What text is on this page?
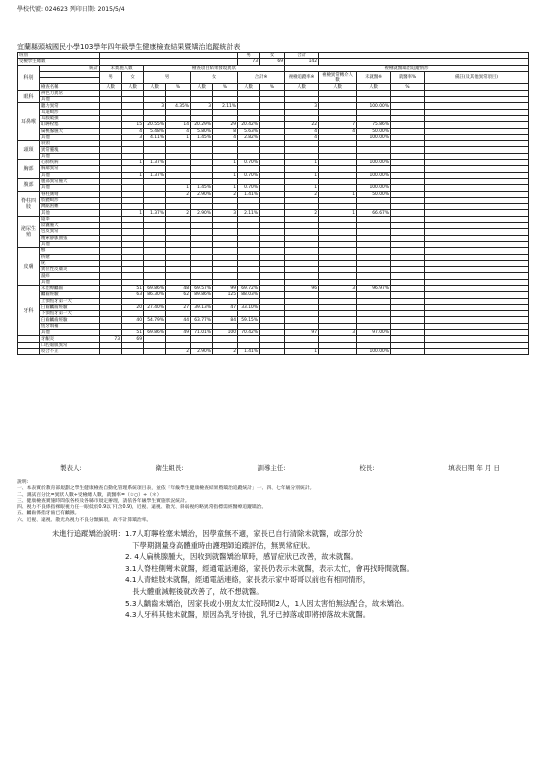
學校代號: 024623 列印日期: 2015/5/4
宜蘭縣頭城國民小學103學年四年級學生健康檢查結果暨矯治追蹤統計表
班別								男	女	合計				
受檢學生總數								73	69	142				
科別	統計	未實施人數		檢查項目結果發現異狀						複檢就醫矯治追蹤情形				
		男	女	男		女		合計※		複檢追蹤率※	複檢異常轉介人數	未就醫※	就醫率%	備註(及其他異常項目)

	檢查名稱	人數	人數	人數	%	人數	%	人數	%	人數	人數	人數	%	
眼科	辨色力異常													
	其他													
耳鼻喉	聽力異常			3	4.35%	3	2.11%			3		100.00%		
	耳道畸形													
	耳膜破損													
	耵聹栓塞		15	20.55%	14	20.29%	29	20.42%		22	7	75.86%		
	扁桃腺腫大		4	5.48%	4	5.80%	8	5.63%		4	4	50.00%		
	其他		3	4.11%	1	1.45%	4	2.82%		4		100.00%		
頭頸	斜頸													
	異常腫塊													
	其他													
胸部	心肺疾病		1	1.37%			1	0.70%		1		100.00%		
	胸廓異常													
	其他		1	1.37%			1	0.70%		1		100.00%		
腹部	腹部異常腫大													
	其他				1	1.45%	1	0.70%		1		100.00%		
脊柱四肢	脊柱側彎				2	2.90%	2	1.41%		2	1	50.00%		
	肢體畸形													
	蹲踞困難													
	其他		1	1.37%	2	2.90%	3	2.11%		2	1	66.67%		
泌尿生殖	隱睪													
	陰囊腫大													
	包皮異常													
	精索靜脈曲張													
	其他													
皮膚	癬													
	疥瘡													
	疣													
	異位性皮膚炎													
	濕疹													
	其他													
牙科	未治療齲齒		51	69.86%	48	69.57%	99	69.72%		96	3	96.97%		
	齲齒經驗		63	86.30%	62	89.86%	125	88.03%						
	上顎恆牙第一大													
	臼齒齲齒經驗		20	27.40%	27	39.13%	47	33.10%						
	下顎恆牙第一大													
	臼齒齲齒經驗		40	54.79%	44	63.77%	84	59.15%						
	恆牙填補													
	其他		51	69.86%	49	71.01%	100	70.42%		97	3	97.00%		
	牙齦炎	73	69											
	口腔黏膜異常													
	咬合不正				2	2.90%	2	1.41%		1		100.00%		
製表人:	衛生組長:	訓導主任:	校長:	填表日期 年 月 日
說明:
一、本表實於教育部規劃之學生健康檢查自動化管理系統項目表，並依「年級學生健康檢查結果暨矯治追蹤統計」一、四、七年級分別統計。
二、測試百分比=異狀人數÷受檢總人數，就醫率=（☆○）÷（＊）
三、健康檢查實施時間依各校及各縣市規定辦理，請依各年級學生實施狀況統計。
四、視力不良係指裸眼視力任一眼低於0.9以下(含0.9)，近視、遠視、散光、斜弱視約略異常指標需經醫療追蹤矯治。
五、齲齒係指牙齒已有齲蝕。
六、近視、遠視、散光為視力不良分類細項，故不計算矯治率。
未進行追蹤矯治說明：1.7人耵聹栓塞未矯治，因學童無不適，家長已自行清除未就醫，或部分於
　　　　　　　　　　　下學期測量身高體重時由護理師追蹤評估，無異常症狀。
　　　　　　　　　　2. 4人扁桃腺腫大，因收到就醫矯治單時，感冒症狀已改善，故未就醫。
　　　　　　　　　　3.1人脊柱側彎未就醫，經通電話連絡，家長仍表示未就醫，表示太忙，會再找時間就醫。
　　　　　　　　　　4.1人青蛙肢未就醫，經通電話連絡，家長表示家中哥哥以前也有相同情形，
　　　　　　　　　　　長大體重減輕後就改善了，故不想就醫。
　　　　　　　　　　5.3人齲齒未矯治，因家長或小朋友太忙沒時間2人，1人因太害怕無法配合，故未矯治。
　　　　　　　　　　4.3人牙科其他未就醫，原因為乳牙待拔，乳牙已掉落或即將掉落故未就醫。
